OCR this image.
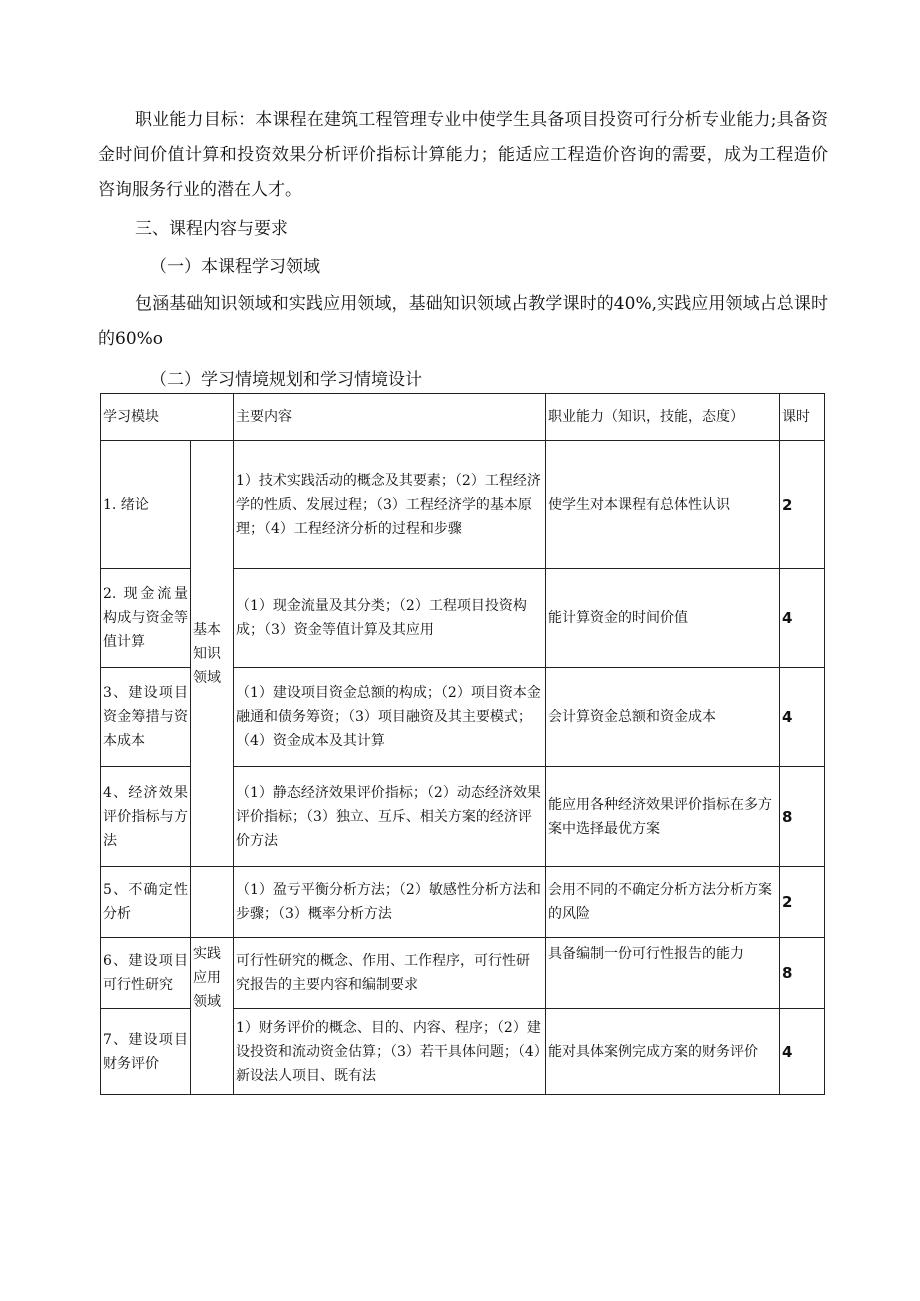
职业能力目标：本课程在建筑工程管理专业中使学生具备项目投资可行分析专业能力;具备资金时间价值计算和投资效果分析评价指标计算能力；能适应工程造价咨询的需要，成为工程造价咨询服务行业的潜在人才。

三、课程内容与要求
（一）本课程学习领域

包涵基础知识领域和实践应用领域，基础知识领域占教学课时的40%,实践应用领域占总课时的60%o

（二）学习情境规划和学习情境设计
学习模块		主要内容	职业能力（知识，技能，态度）	课时
1. 绪论	基本知识领域	1）技术实践活动的概念及其要素；（2）工程经济学的性质、发展过程；（3）工程经济学的基本原理；（4）工程经济分析的过程和步骤	使学生对本课程有总体性认识	2
2. 现金流量构成与资金等值计算		（1）现金流量及其分类；（2）工程项目投资构成；（3）资金等值计算及其应用	能计算资金的时间价值	4
3、建设项目资金筹措与资本成本		（1）建设项目资金总额的构成；（2）项目资本金融通和债务筹资；（3）项目融资及其主要模式；（4）资金成本及其计算	会计算资金总额和资金成本	4
4、经济效果评价指标与方法		（1）静态经济效果评价指标；（2）动态经济效果评价指标；（3）独立、互斥、相关方案的经济评价方法	能应用各种经济效果评价指标在多方案中选择最优方案	8
5、不确定性分析		（1）盈亏平衡分析方法；（2）敏感性分析方法和步骤；（3）概率分析方法	会用不同的不确定分析方法分析方案的风险	2
6、建设项目可行性研究	实践应用领域	可行性研究的概念、作用、工作程序，可行性研究报告的主要内容和编制要求	具备编制一份可行性报告的能力	8
7、建设项目财务评价		1）财务评价的概念、目的、内容、程序；（2）建设投资和流动资金估算；（3）若干具体问题；（4）新设法人项目、既有法	能对具体案例完成方案的财务评价	4
